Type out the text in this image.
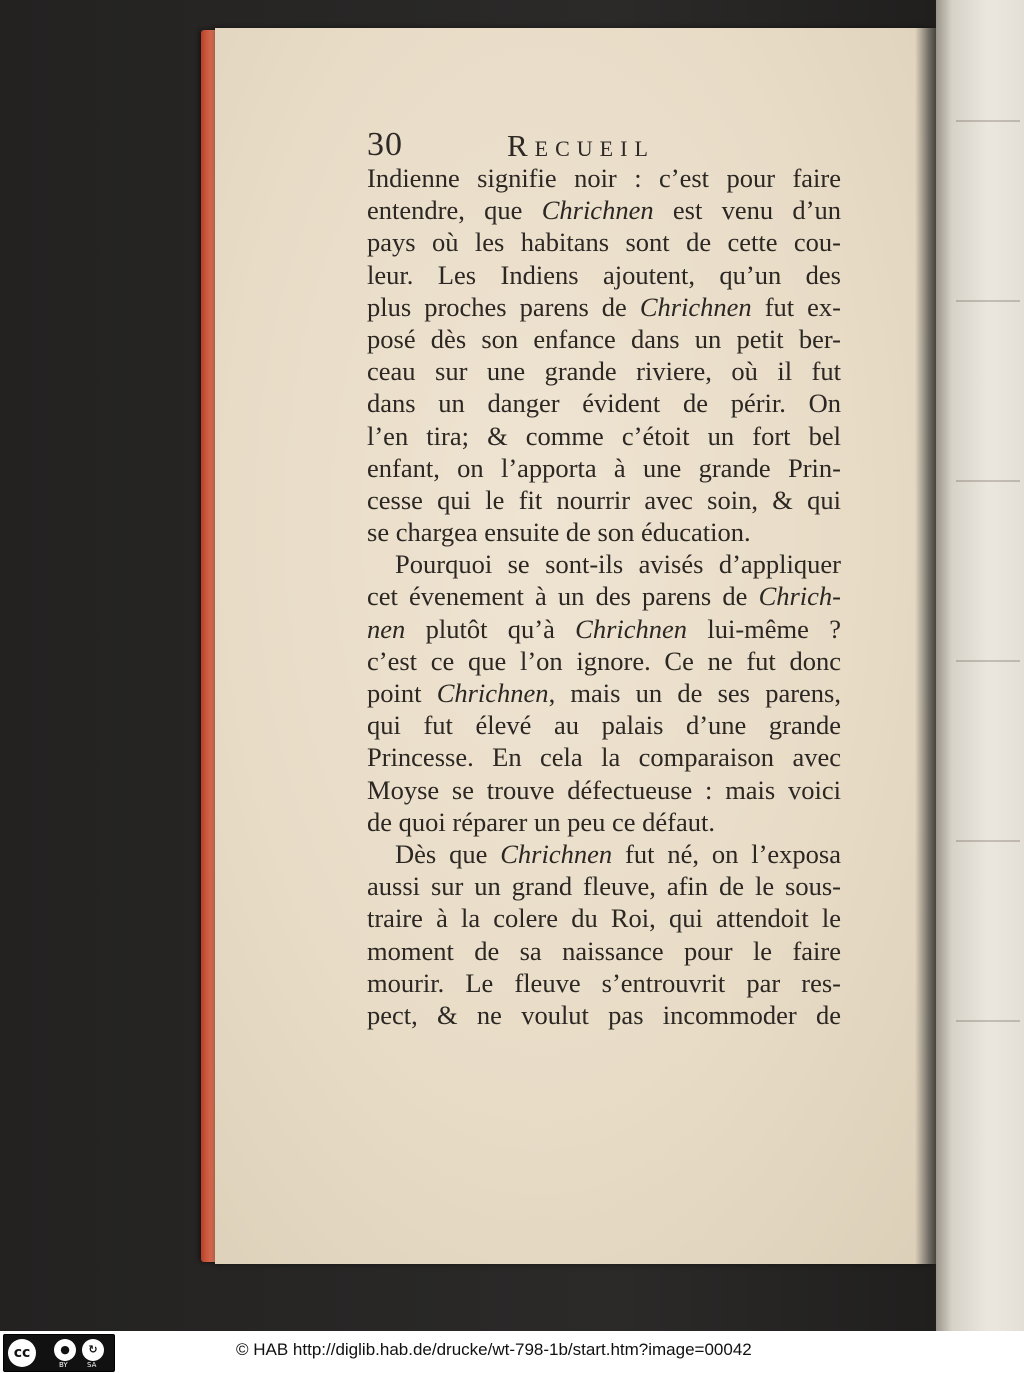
30	Recueil
Indienne signifie noir : c’est pour faire
entendre, que Chrichnen est venu d’un
pays où les habitans sont de cette cou-
leur. Les Indiens ajoutent, qu’un des
plus proches parens de Chrichnen fut ex-
posé dès son enfance dans un petit ber-
ceau sur une grande riviere, où il fut
dans un danger évident de périr. On
l’en tira; & comme c’étoit un fort bel
enfant, on l’apporta à une grande Prin-
cesse qui le fit nourrir avec soin, & qui
se chargea ensuite de son éducation.
Pourquoi se sont-ils avisés d’appliquer
cet évenement à un des parens de Chrich-
nen plutôt qu’à Chrichnen lui-même ?
c’est ce que l’on ignore. Ce ne fut donc
point Chrichnen, mais un de ses parens,
qui fut élevé au palais d’une grande
Princesse. En cela la comparaison avec
Moyse se trouve défectueuse : mais voici
de quoi réparer un peu ce défaut.
Dès que Chrichnen fut né, on l’exposa
aussi sur un grand fleuve, afin de le sous-
traire à la colere du Roi, qui attendoit le
moment de sa naissance pour le faire
mourir. Le fleuve s’entrouvrit par res-
pect, & ne voulut pas incommoder de
cc	●	↻
BY	SA
© HAB http://diglib.hab.de/drucke/wt-798-1b/start.htm?image=00042
